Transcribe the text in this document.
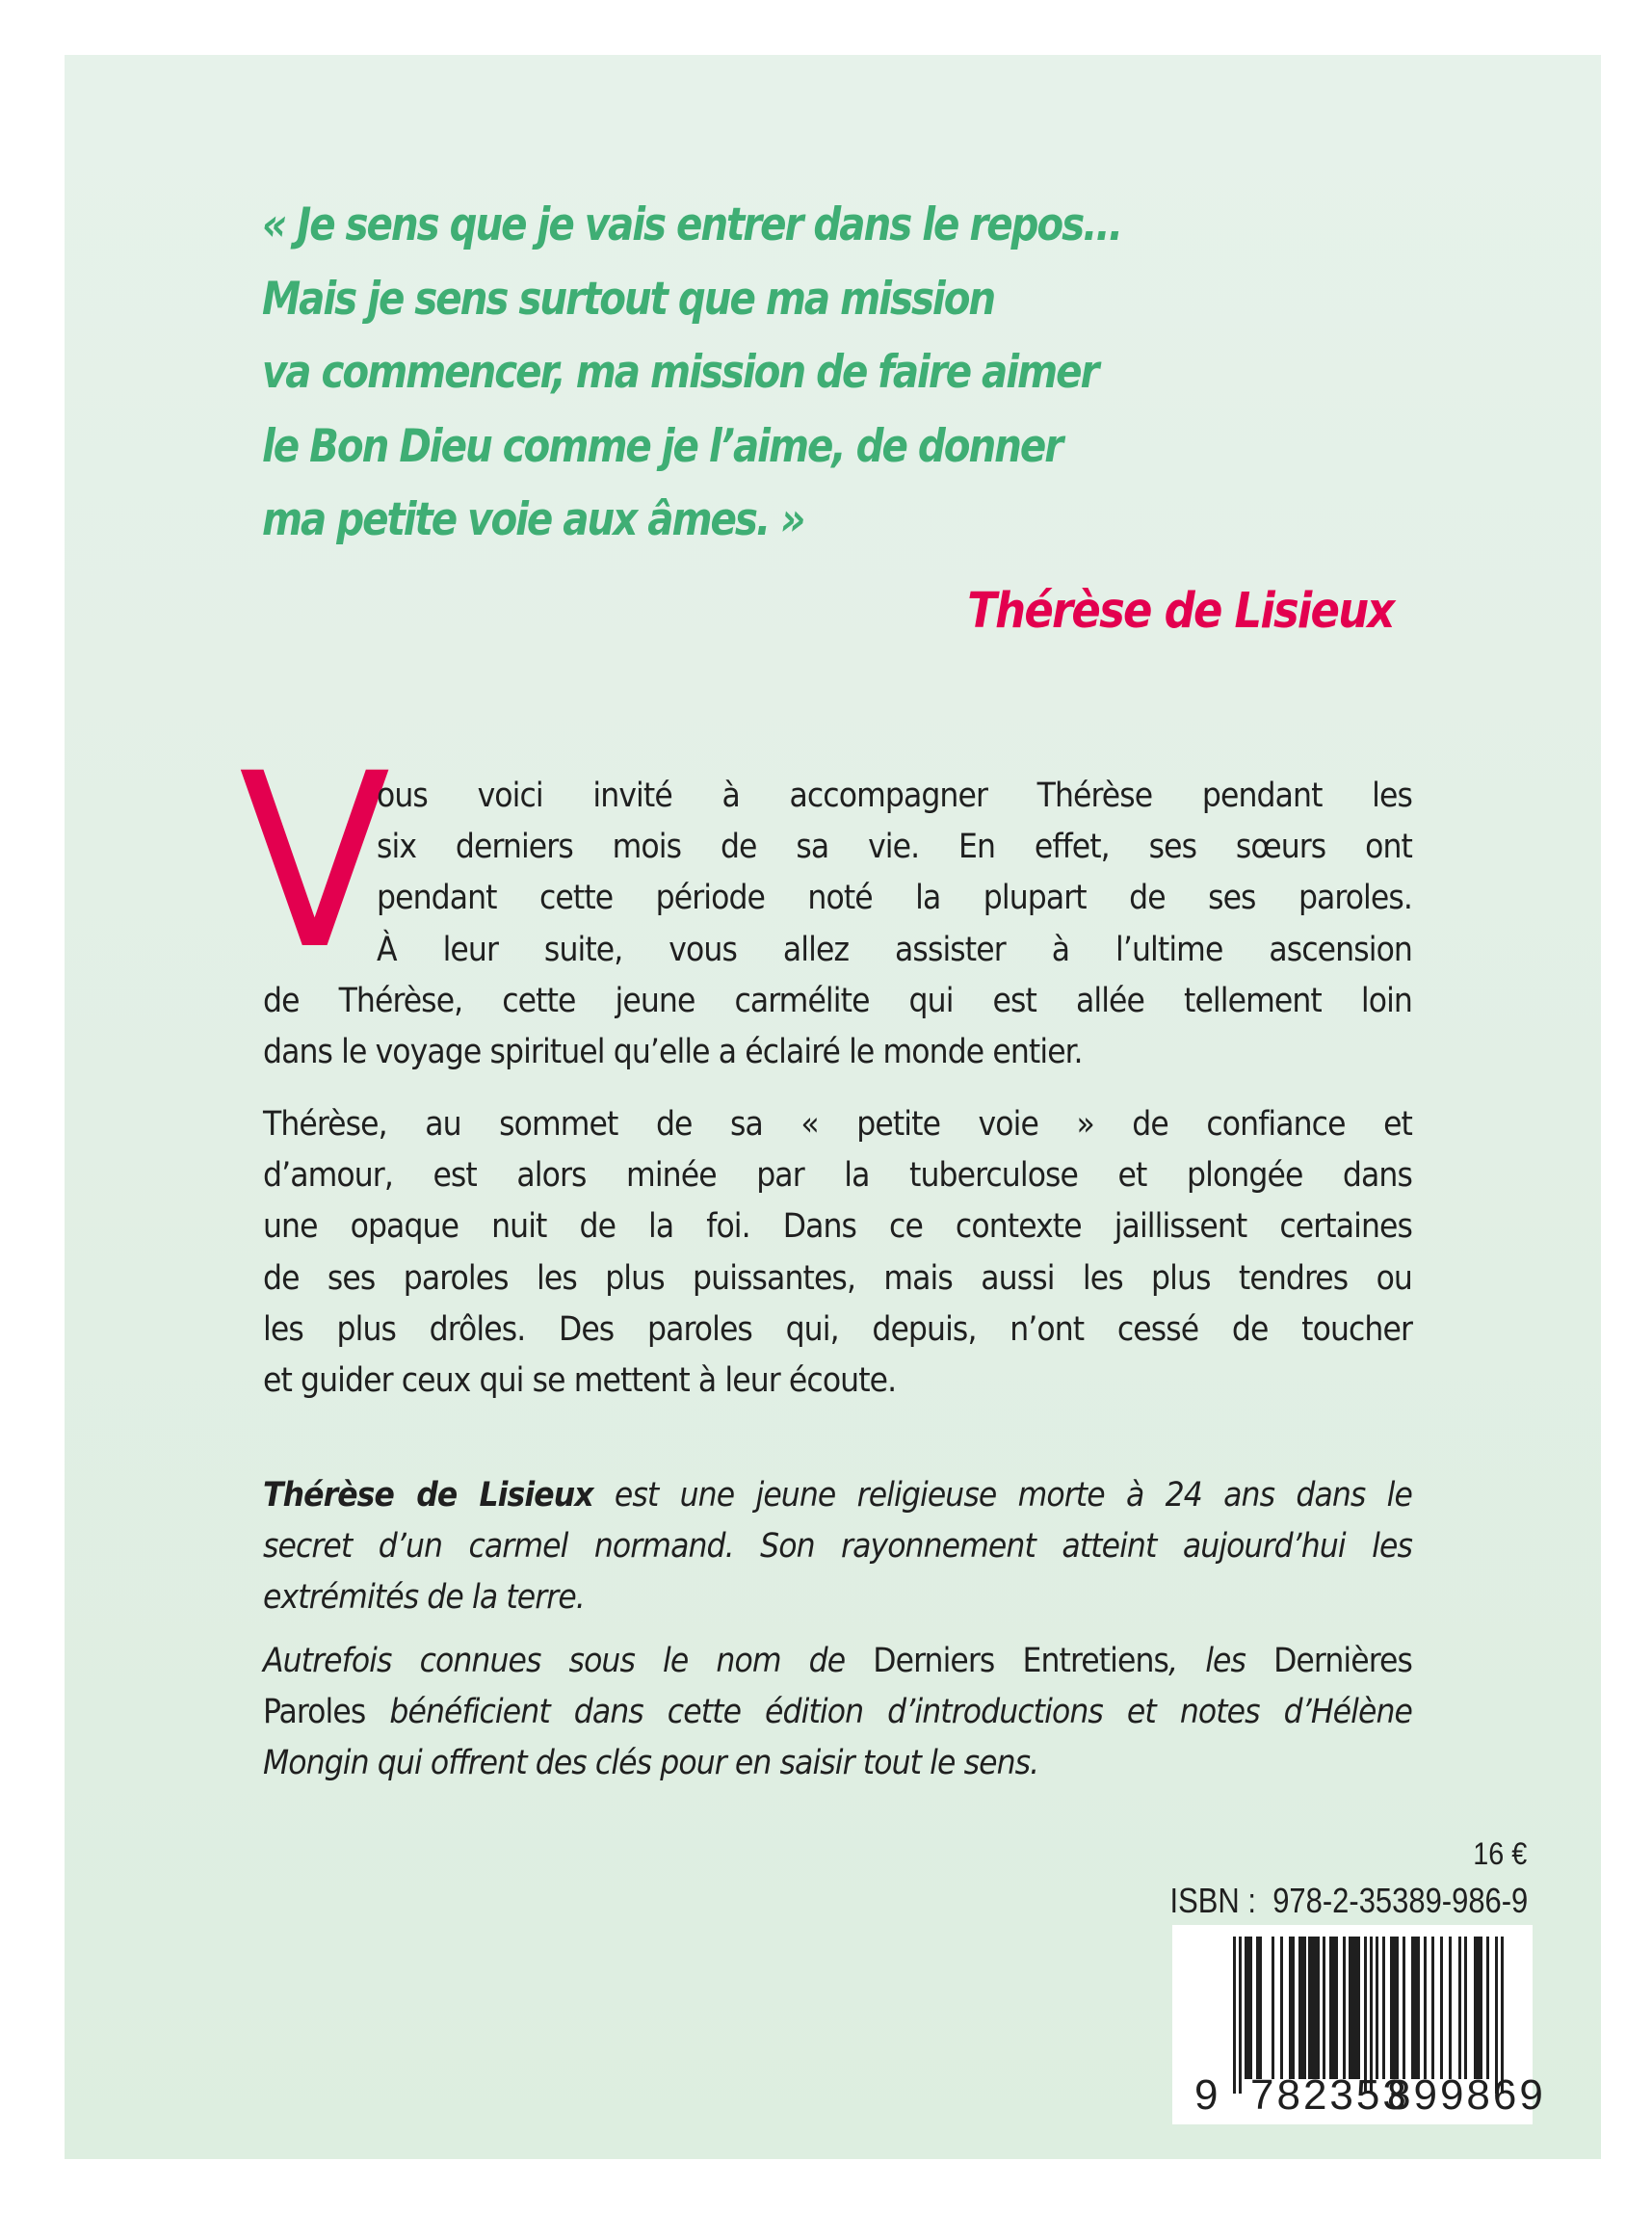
« Je sens que je vais entrer dans le repos...
Mais je sens surtout que ma mission
va commencer, ma mission de faire aimer
le Bon Dieu comme je l’aime, de donner
ma petite voie aux âmes. »
Thérèse de Lisieux
V
ous voici invité à accompagner Thérèse pendant les
six derniers mois de sa vie. En effet, ses sœurs ont
pendant cette période noté la plupart de ses paroles.
À leur suite, vous allez assister à l’ultime ascension
de Thérèse, cette jeune carmélite qui est allée tellement loin
dans le voyage spirituel qu’elle a éclairé le monde entier.
Thérèse, au sommet de sa « petite voie » de confiance et
d’amour, est alors minée par la tuberculose et plongée dans
une opaque nuit de la foi. Dans ce contexte jaillissent certaines
de ses paroles les plus puissantes, mais aussi les plus tendres ou
les plus drôles. Des paroles qui, depuis, n’ont cessé de toucher
et guider ceux qui se mettent à leur écoute.
Thérèse de Lisieux est une jeune religieuse morte à 24 ans dans le
secret d’un carmel normand. Son rayonnement atteint aujourd’hui les
extrémités de la terre.
Autrefois connues sous le nom de Derniers Entretiens, les Dernières
Paroles bénéficient dans cette édition d’introductions et notes d’Hélène
Mongin qui offrent des clés pour en saisir tout le sens.
16 €
ISBN : 978-2-35389-986-9
9 782353
899869
